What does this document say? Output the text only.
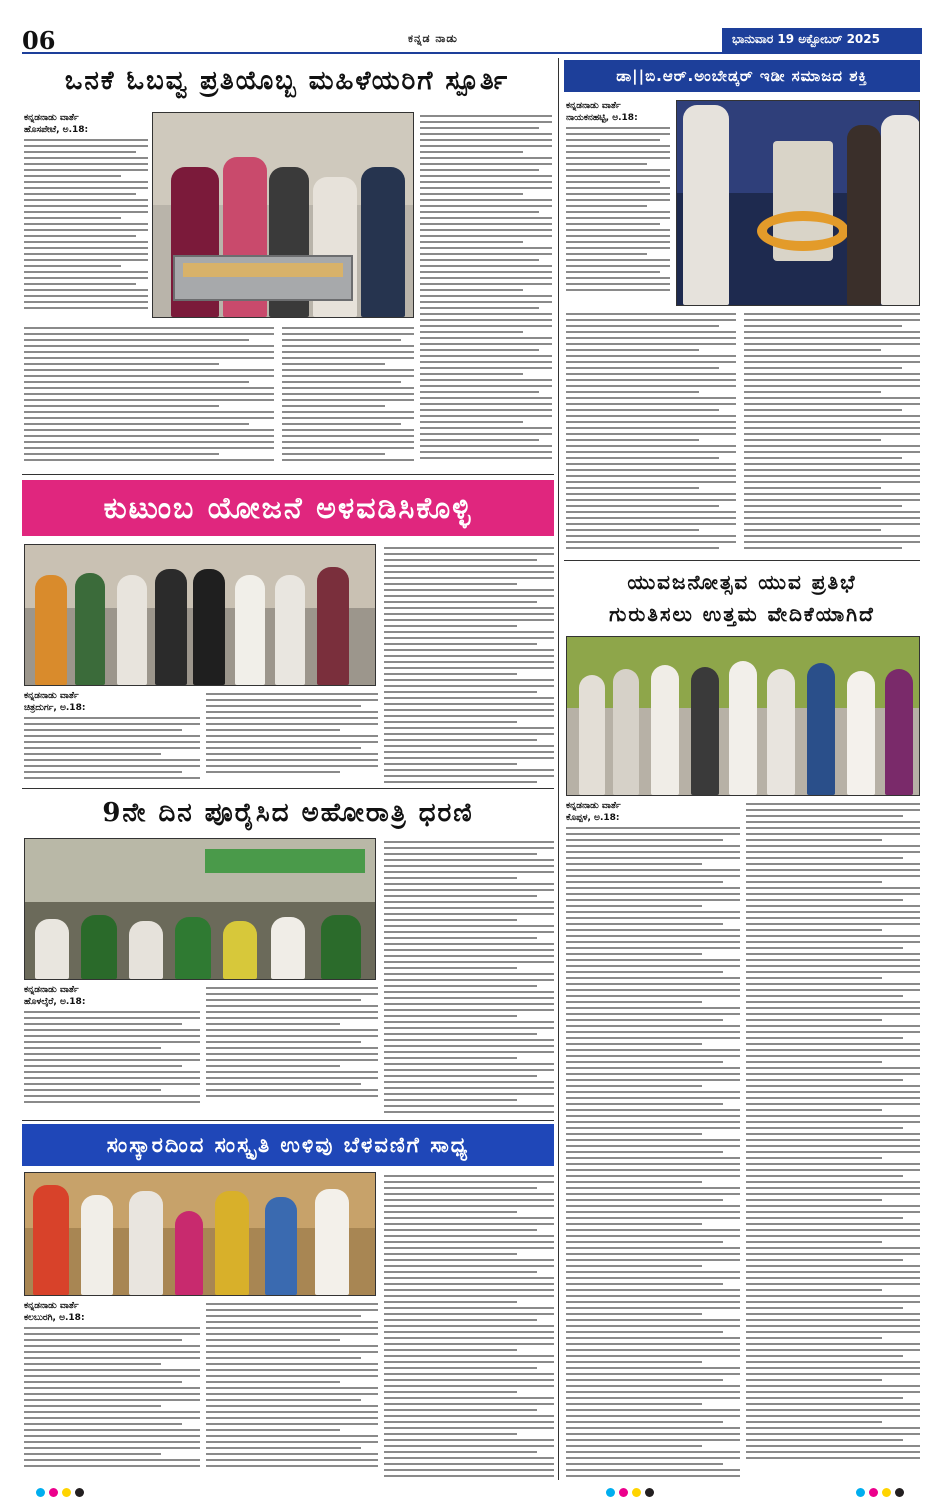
06	ಕನ್ನಡ ನಾಡು	ಭಾನುವಾರ 19 ಅಕ್ಟೋಬರ್ 2025
ಒನಕೆ ಓಬವ್ವ ಪ್ರತಿಯೊಬ್ಬ ಮಹಿಳೆಯರಿಗೆ ಸ್ಪೂರ್ತಿ
ಕನ್ನಡನಾಡು ವಾರ್ತೆ
ಹೊಸಪೇಟೆ, ಅ.18:
ಡಾ||ಬಿ.ಆರ್.ಅಂಬೇಡ್ಕರ್ ಇಡೀ ಸಮಾಜದ ಶಕ್ತಿ
ಕನ್ನಡನಾಡು ವಾರ್ತೆ
ನಾಯಕನಹಟ್ಟಿ, ಅ.18:
ಕುಟುಂಬ ಯೋಜನೆ ಅಳವಡಿಸಿಕೊಳ್ಳಿ
ಕನ್ನಡನಾಡು ವಾರ್ತೆ
ಚಿತ್ರದುರ್ಗ, ಅ.18:
ಯುವಜನೋತ್ಸವ ಯುವ ಪ್ರತಿಭೆ
ಗುರುತಿಸಲು ಉತ್ತಮ ವೇದಿಕೆಯಾಗಿದೆ
ಕನ್ನಡನಾಡು ವಾರ್ತೆ
ಕೊಪ್ಪಳ, ಅ.18:
9ನೇ ದಿನ ಪೂರೈಸಿದ ಅಹೋರಾತ್ರಿ ಧರಣಿ
ಕನ್ನಡನಾಡು ವಾರ್ತೆ
ಹೊಳಲ್ಕೆರೆ, ಅ.18:
ಸಂಸ್ಕಾರದಿಂದ ಸಂಸ್ಕೃತಿ ಉಳಿವು ಬೆಳವಣಿಗೆ ಸಾಧ್ಯ
ಕನ್ನಡನಾಡು ವಾರ್ತೆ
ಕಲಬುರಗಿ, ಅ.18:
